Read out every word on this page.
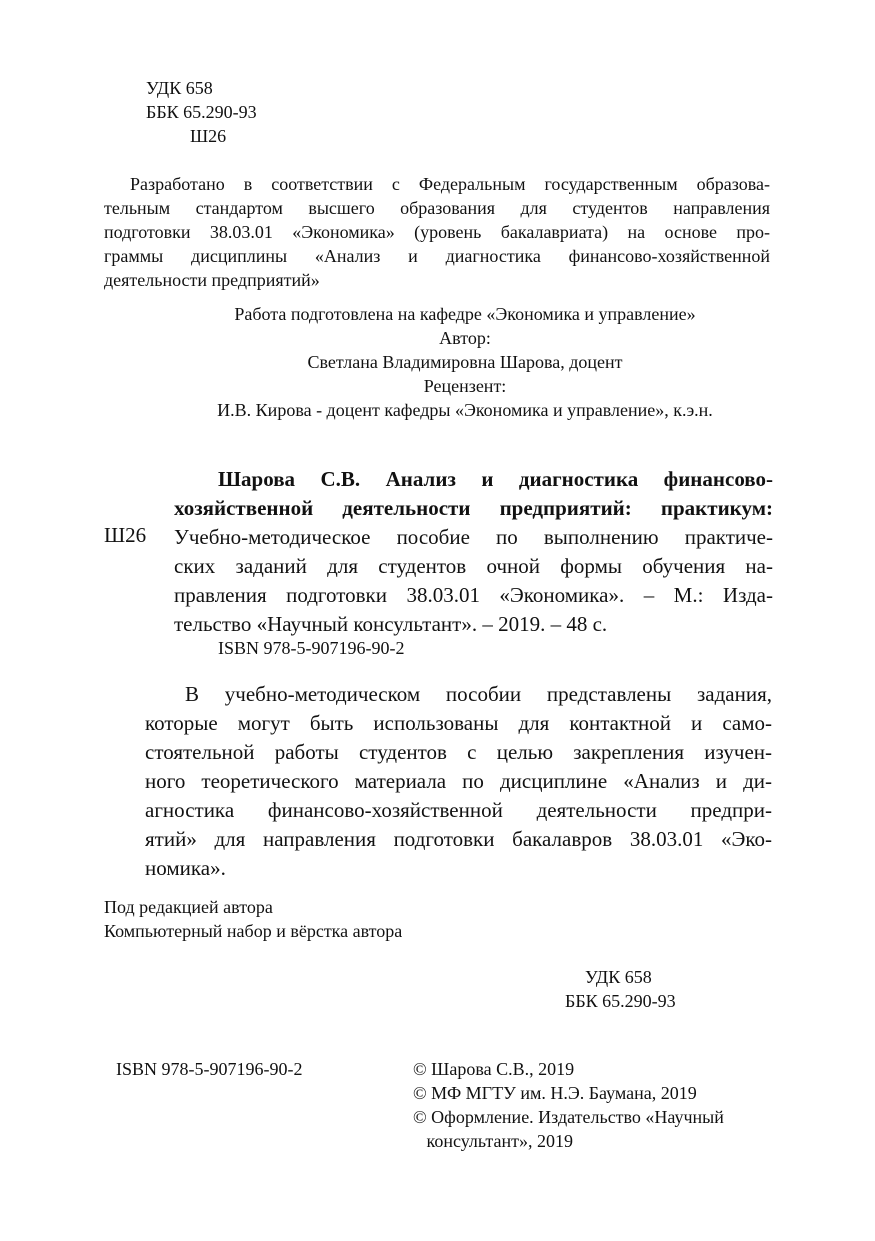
УДК 658
ББК 65.290-93
Ш26
Разработано в соответствии с Федеральным государственным образова-
тельным стандартом высшего образования для студентов направления
подготовки 38.03.01 «Экономика» (уровень бакалавриата) на основе про-
граммы дисциплины «Анализ и диагностика финансово-хозяйственной
деятельности предприятий»
Работа подготовлена на кафедре «Экономика и управление»
Автор:
Светлана Владимировна Шарова, доцент
Рецензент:
И.В. Кирова - доцент кафедры «Экономика и управление», к.э.н.
Ш26
Шарова С.В. Анализ и диагностика финансово-
хозяйственной деятельности предприятий: практикум:
Учебно-методическое пособие по выполнению практиче-
ских заданий для студентов очной формы обучения на-
правления подготовки 38.03.01 «Экономика». – М.: Изда-
тельство «Научный консультант». – 2019. – 48 с.
ISBN 978-5-907196-90-2
В учебно-методическом пособии представлены задания,
которые могут быть использованы для контактной и само-
стоятельной работы студентов с целью закрепления изучен-
ного теоретического материала по дисциплине «Анализ и ди-
агностика финансово-хозяйственной деятельности предпри-
ятий» для направления подготовки бакалавров 38.03.01 «Эко-
номика».
Под редакцией автора
Компьютерный набор и вёрстка автора
УДК 658
ББК 65.290-93
ISBN 978-5-907196-90-2	© Шарова С.В., 2019
© МФ МГТУ им. Н.Э. Баумана, 2019
© Оформление. Издательство «Научный
консультант», 2019
